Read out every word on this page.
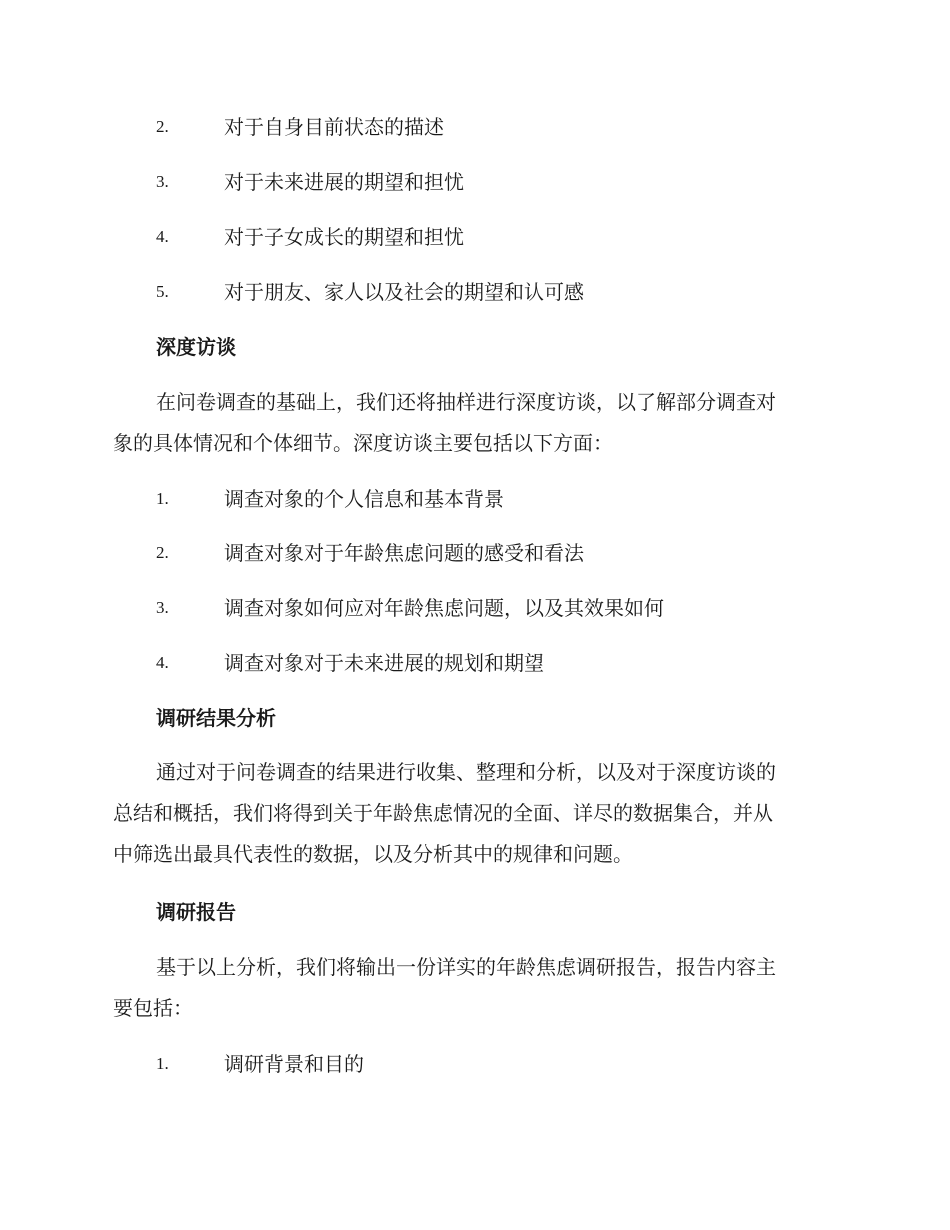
2.	对于自身目前状态的描述
3.	对于未来进展的期望和担忧
4.	对于子女成长的期望和担忧
5.	对于朋友、家人以及社会的期望和认可感
深度访谈
在问卷调查的基础上，我们还将抽样进行深度访谈，以了解部分调查对
象的具体情况和个体细节。深度访谈主要包括以下方面：
1.	调查对象的个人信息和基本背景
2.	调查对象对于年龄焦虑问题的感受和看法
3.	调查对象如何应对年龄焦虑问题，以及其效果如何
4.	调查对象对于未来进展的规划和期望
调研结果分析
通过对于问卷调查的结果进行收集、整理和分析，以及对于深度访谈的
总结和概括，我们将得到关于年龄焦虑情况的全面、详尽的数据集合，并从
中筛选出最具代表性的数据，以及分析其中的规律和问题。
调研报告
基于以上分析，我们将输出一份详实的年龄焦虑调研报告，报告内容主
要包括：
1.	调研背景和目的
